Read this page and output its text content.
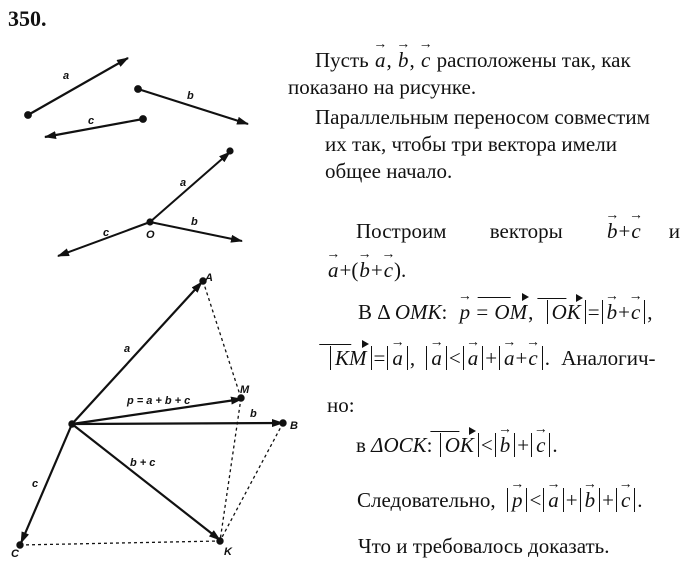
350.
a
b
c
a
b
c	O
A
M
B
C	K
a
b
c
p = a + b + c
b + c
Пусть → a, → b, → c расположены так, как
показано на рисунке.
Параллельным переносом совместим
их так, чтобы три вектора имели
общее начало.
Построим векторы → b+→ c и
→ a+(→ b+→ c).
В Δ ОМК: → p = OM, OK = → b+→ c ,
KM = → a , → a < → a + → a+→ c . Аналогич-
но:
в ΔОСК: OK < → b + → c .
Следовательно, → p < → a + → b + → c .
Что и требовалось доказать.
